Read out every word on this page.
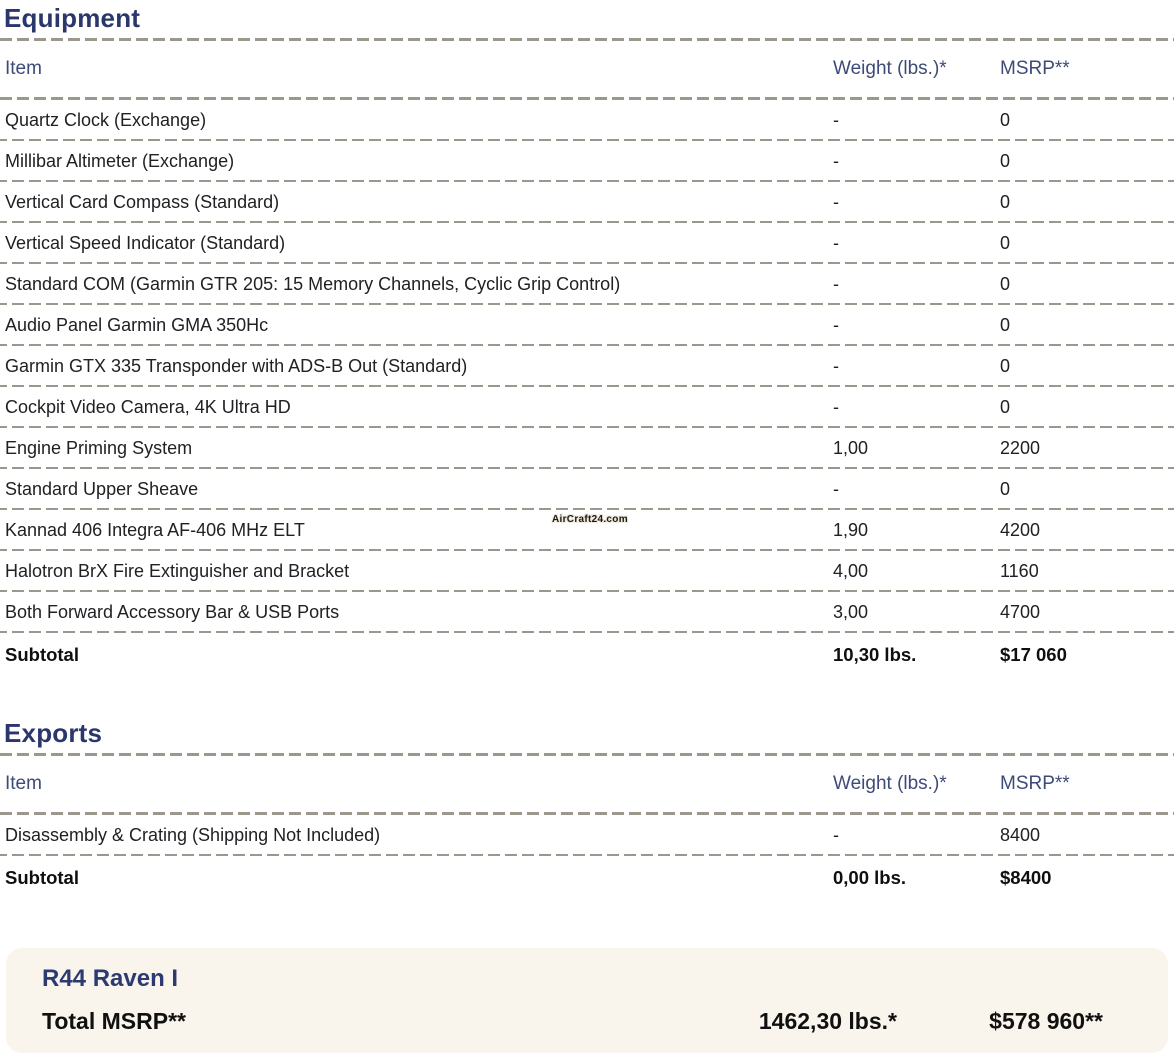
Equipment
Item	Weight (lbs.)*	MSRP**
Quartz Clock (Exchange)	-	0
Millibar Altimeter (Exchange)	-	0
Vertical Card Compass (Standard)	-	0
Vertical Speed Indicator (Standard)	-	0
Standard COM (Garmin GTR 205: 15 Memory Channels, Cyclic Grip Control)	-	0
Audio Panel Garmin GMA 350Hc	-	0
Garmin GTX 335 Transponder with ADS-B Out (Standard)	-	0
Cockpit Video Camera, 4K Ultra HD	-	0
Engine Priming System	1,00	2200
Standard Upper Sheave	-	0
Kannad 406 Integra AF-406 MHz ELT	1,90	4200
Halotron BrX Fire Extinguisher and Bracket	4,00	1160
Both Forward Accessory Bar & USB Ports	3,00	4700
Subtotal	10,30 lbs.	$17 060
Exports
Item	Weight (lbs.)*	MSRP**
Disassembly & Crating (Shipping Not Included)	-	8400
Subtotal	0,00 lbs.	$8400
R44 Raven I
Total MSRP**	1462,30 lbs.*	$578 960**
AirCraft24.com
